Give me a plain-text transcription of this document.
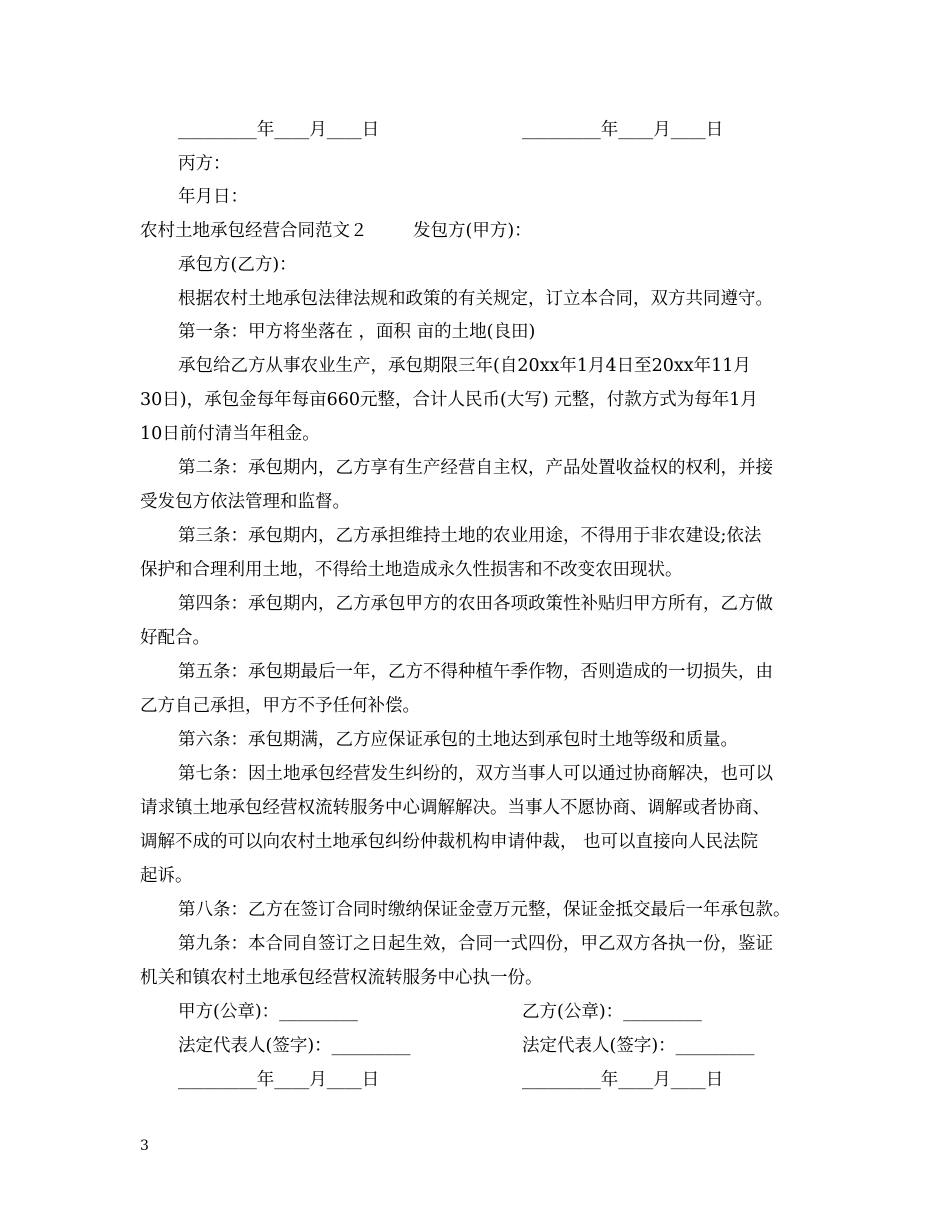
_________年____月____日	_________年____月____日
丙方：
年月日：
农村土地承包经营合同范文２	发包方(甲方)：
承包方(乙方)：
根据农村土地承包法律法规和政策的有关规定，订立本合同，双方共同遵守。
第一条：甲方将坐落在 ，面积 亩的土地(良田)
承包给乙方从事农业生产，承包期限三年(自20xx年1月4日至20xx年11月
30日)，承包金每年每亩660元整，合计人民币(大写) 元整，付款方式为每年1月
10日前付清当年租金。
第二条：承包期内，乙方享有生产经营自主权，产品处置收益权的权利，并接
受发包方依法管理和监督。
第三条：承包期内，乙方承担维持土地的农业用途，不得用于非农建设;依法
保护和合理利用土地，不得给土地造成永久性损害和不改变农田现状。
第四条：承包期内，乙方承包甲方的农田各项政策性补贴归甲方所有，乙方做
好配合。
第五条：承包期最后一年，乙方不得种植午季作物，否则造成的一切损失，由
乙方自己承担，甲方不予任何补偿。
第六条：承包期满，乙方应保证承包的土地达到承包时土地等级和质量。
第七条：因土地承包经营发生纠纷的，双方当事人可以通过协商解决，也可以
请求镇土地承包经营权流转服务中心调解解决。当事人不愿协商、调解或者协商、
调解不成的可以向农村土地承包纠纷仲裁机构申请仲裁， 也可以直接向人民法院
起诉。
第八条：乙方在签订合同时缴纳保证金壹万元整，保证金抵交最后一年承包款。
第九条：本合同自签订之日起生效，合同一式四份，甲乙双方各执一份，鉴证
机关和镇农村土地承包经营权流转服务中心执一份。
甲方(公章)：_________	乙方(公章)：_________
法定代表人(签字)：_________	法定代表人(签字)：_________
_________年____月____日	_________年____月____日
3
